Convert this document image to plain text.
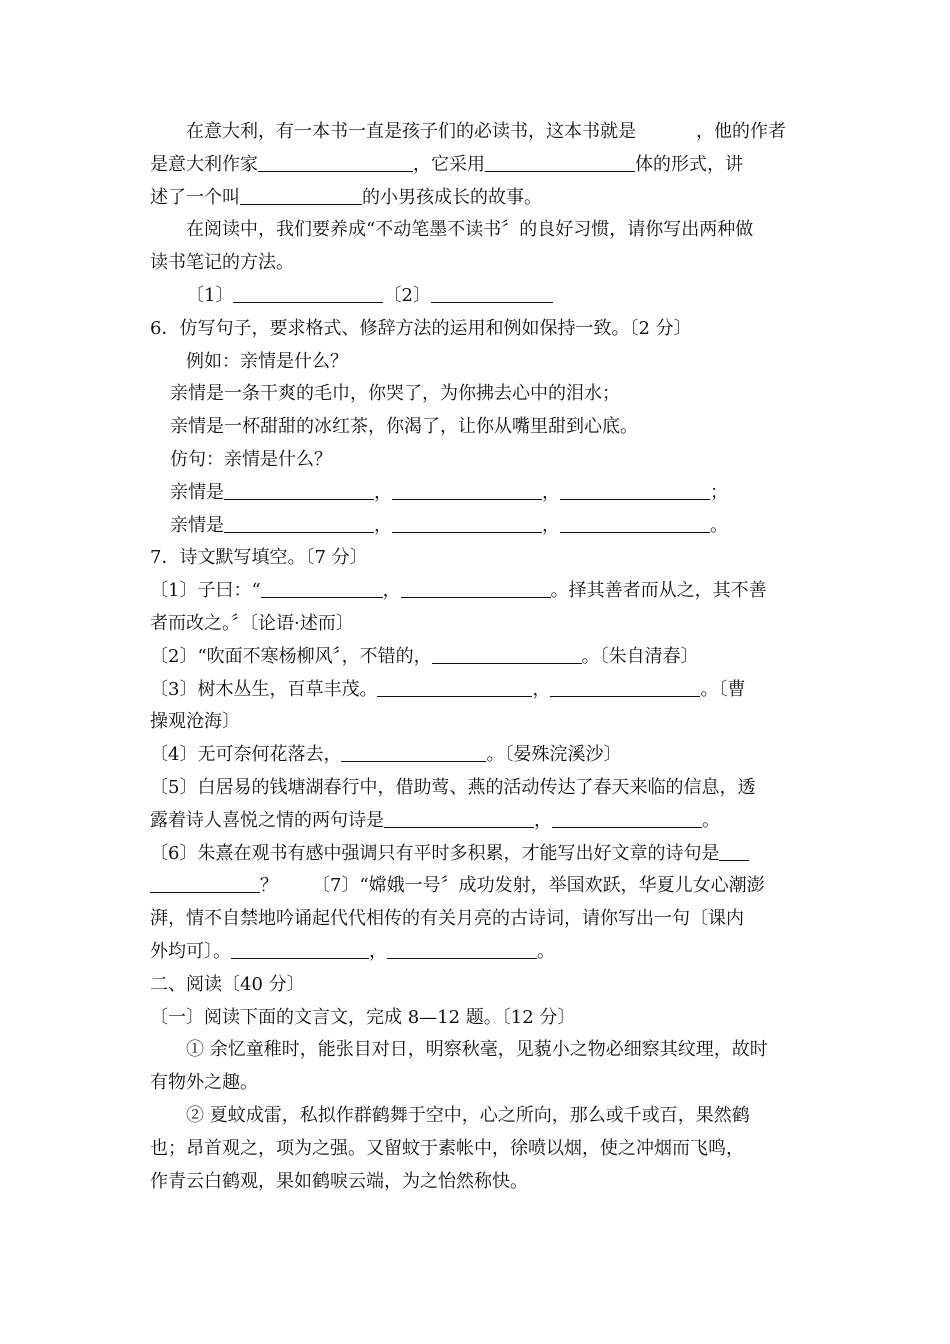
在意大利，有一本书一直是孩子们的必读书，这本书就是	，他的作者
是意大利作家	，它采用	体的形式，讲
述了一个叫	的小男孩成长的故事。
在阅读中，我们要养成“不动笔墨不读书〞的良好习惯，请你写出两种做
读书笔记的方法。
〔1〕	〔2〕
6．仿写句子，要求格式、修辞方法的运用和例如保持一致。〔2 分〕
例如：亲情是什么？
亲情是一条干爽的毛巾，你哭了，为你拂去心中的泪水；
亲情是一杯甜甜的冰红茶，你渴了，让你从嘴里甜到心底。
仿句：亲情是什么？
亲情是	，	，	；
亲情是	，	，	。
7．诗文默写填空。〔7 分〕
〔1〕子曰：“	，	。择其善者而从之，其不善
者而改之。〞〔论语·述而〕
〔2〕“吹面不寒杨柳风〞，不错的，	。〔朱自清春〕
〔3〕树木丛生，百草丰茂。	，	。〔曹
操观沧海〕
〔4〕无可奈何花落去，	。〔晏殊浣溪沙〕
〔5〕白居易的钱塘湖春行中，借助莺、燕的活动传达了春天来临的信息，透
露着诗人喜悦之情的两句诗是	，	。
〔6〕朱熹在观书有感中强调只有平时多积累，才能写出好文章的诗句是
？ 〔7〕“嫦娥一号〞成功发射，举国欢跃，华夏儿女心潮澎
湃，情不自禁地吟诵起代代相传的有关月亮的古诗词，请你写出一句〔课内
外均可〕。	，	。
二、阅读〔40 分〕
〔一〕阅读下面的文言文，完成 8—12 题。〔12 分〕
① 余忆童稚时，能张目对日，明察秋毫，见藐小之物必细察其纹理，故时
有物外之趣。
② 夏蚊成雷，私拟作群鹤舞于空中，心之所向，那么或千或百，果然鹤
也；昂首观之，项为之强。又留蚊于素帐中，徐喷以烟，使之冲烟而飞鸣，
作青云白鹤观，果如鹤唳云端，为之怡然称快。
